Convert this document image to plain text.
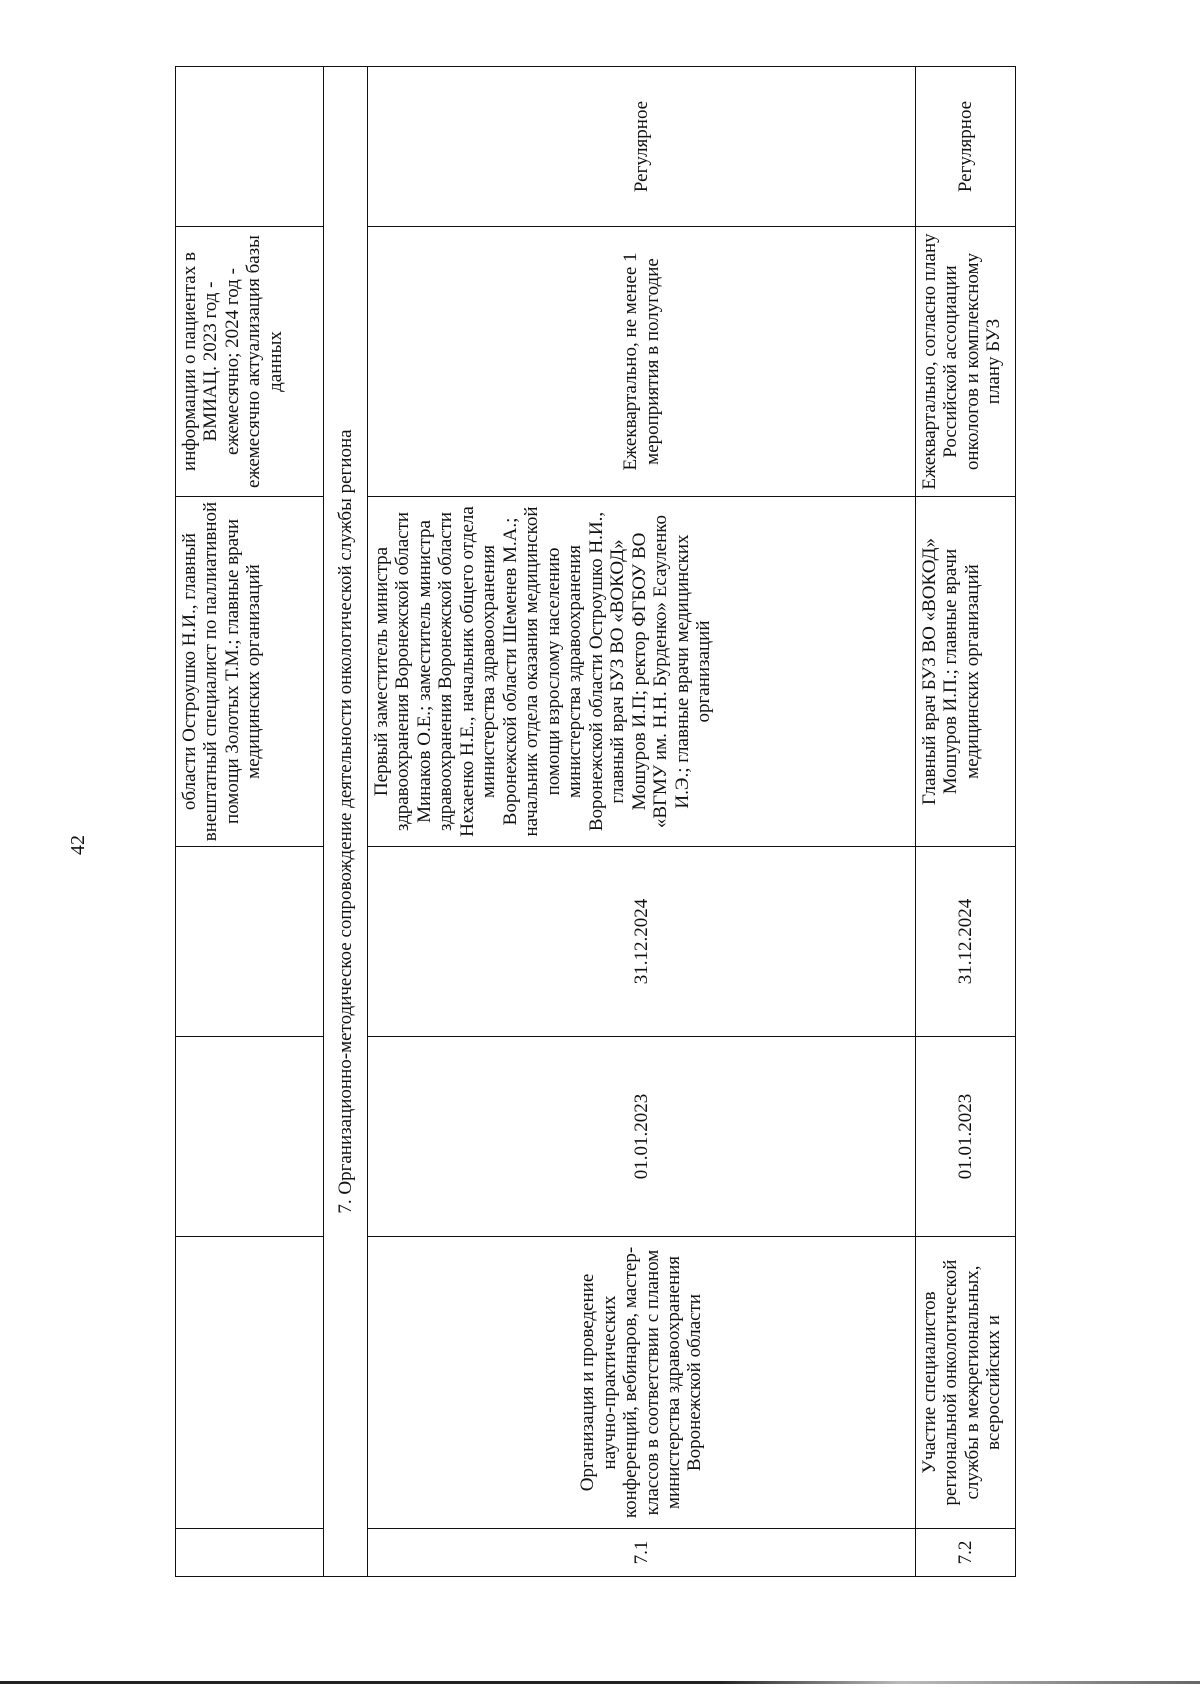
42
				области Остроушко Н.И., главный внештатный специалист по паллиативной помощи Золотых Т.М.; главные врачи медицинских организаций	информации о пациентах в ВМИАЦ. 2023 год - ежемесячно; 2024 год - ежемесячно актуализация базы данных	
7. Организационно-методическое сопровождение деятельности онкологической службы региона						
7.1	Организация и проведение научно-практических конференций, вебинаров, мастер-классов в соответствии с планом министерства здравоохранения Воронежской области	01.01.2023	31.12.2024	Первый заместитель министра здравоохранения Воронежской области Минаков О.Е.; заместитель министра здравоохранения Воронежской области Нехаенко Н.Е., начальник общего отдела министерства здравоохранения Воронежской области Шеменев М.А.; начальник отдела оказания медицинской помощи взрослому населению министерства здравоохранения Воронежской области Остроушко Н.И., главный врач БУЗ ВО «ВОКОД» Мошуров И.П; ректор ФГБОУ ВО «ВГМУ им. Н.Н. Бурденко» Есауленко И.Э.; главные врачи медицинских организаций	Ежеквартально, не менее 1 мероприятия в полугодие	Регулярное
7.2	Участие специалистов региональной онкологической службы в межрегиональных, всероссийских и	01.01.2023	31.12.2024	Главный врач БУЗ ВО «ВОКОД» Мошуров И.П.; главные врачи медицинских организаций	Ежеквартально, согласно плану Российской ассоциации онкологов и комплексному плану БУЗ	Регулярное
